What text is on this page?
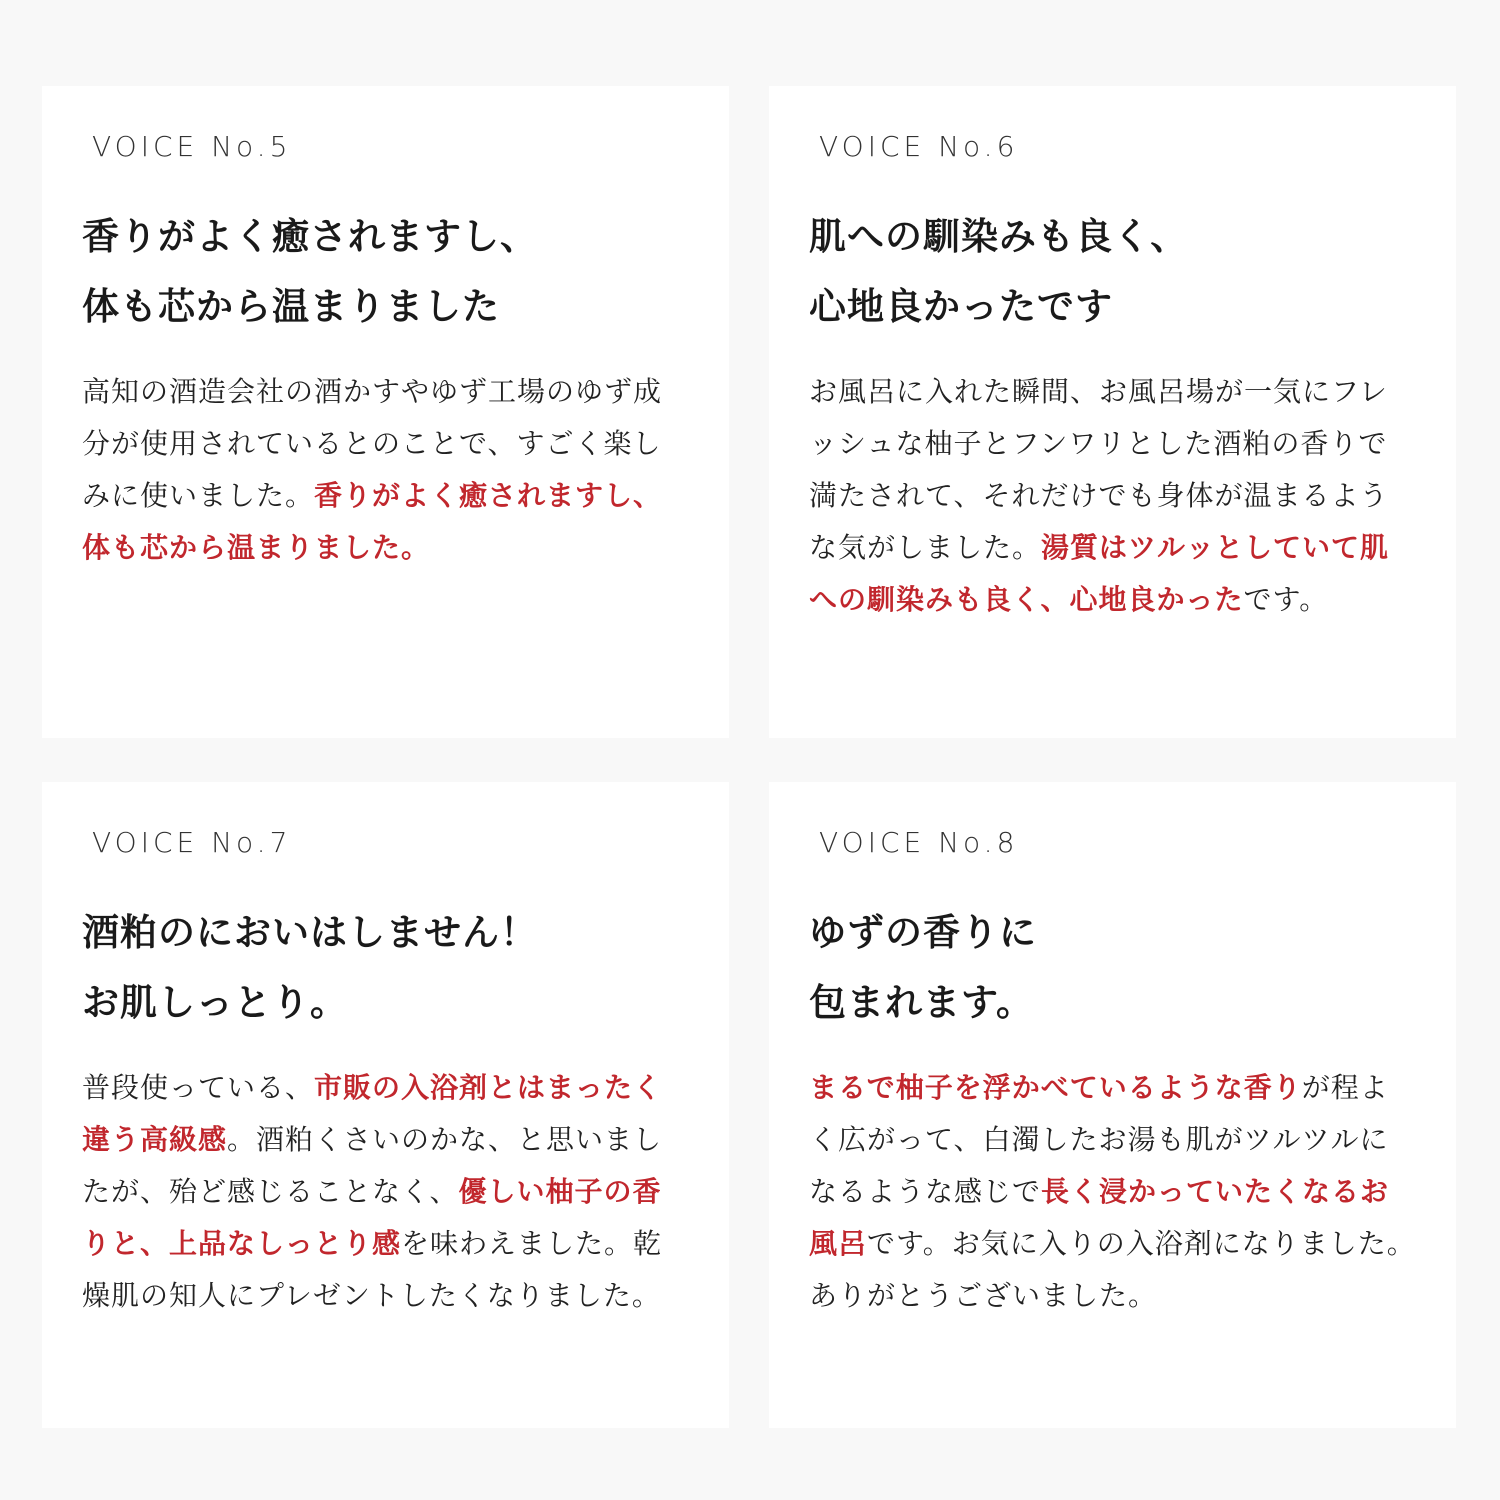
VOICE No.5
香りがよく癒されますし、
体も芯から温まりました
高知の酒造会社の酒かすやゆず工場のゆず成分が使用されているとのことで、すごく楽しみに使いました。香りがよく癒されますし、体も芯から温まりました。
VOICE No.6
肌への馴染みも良く、
心地良かったです
お風呂に入れた瞬間、お風呂場が一気にフレッシュな柚子とフンワリとした酒粕の香りで満たされて、それだけでも身体が温まるような気がしました。湯質はツルッとしていて肌への馴染みも良く、心地良かったです。
VOICE No.7
酒粕のにおいはしません！
お肌しっとり。
普段使っている、市販の入浴剤とはまったく違う高級感。酒粕くさいのかな、と思いましたが、殆ど感じることなく、優しい柚子の香りと、上品なしっとり感を味わえました。乾燥肌の知人にプレゼントしたくなりました。
VOICE No.8
ゆずの香りに
包まれます。
まるで柚子を浮かべているような香りが程よく広がって、白濁したお湯も肌がツルツルになるような感じで長く浸かっていたくなるお風呂です。お気に入りの入浴剤になりました。ありがとうございました。
